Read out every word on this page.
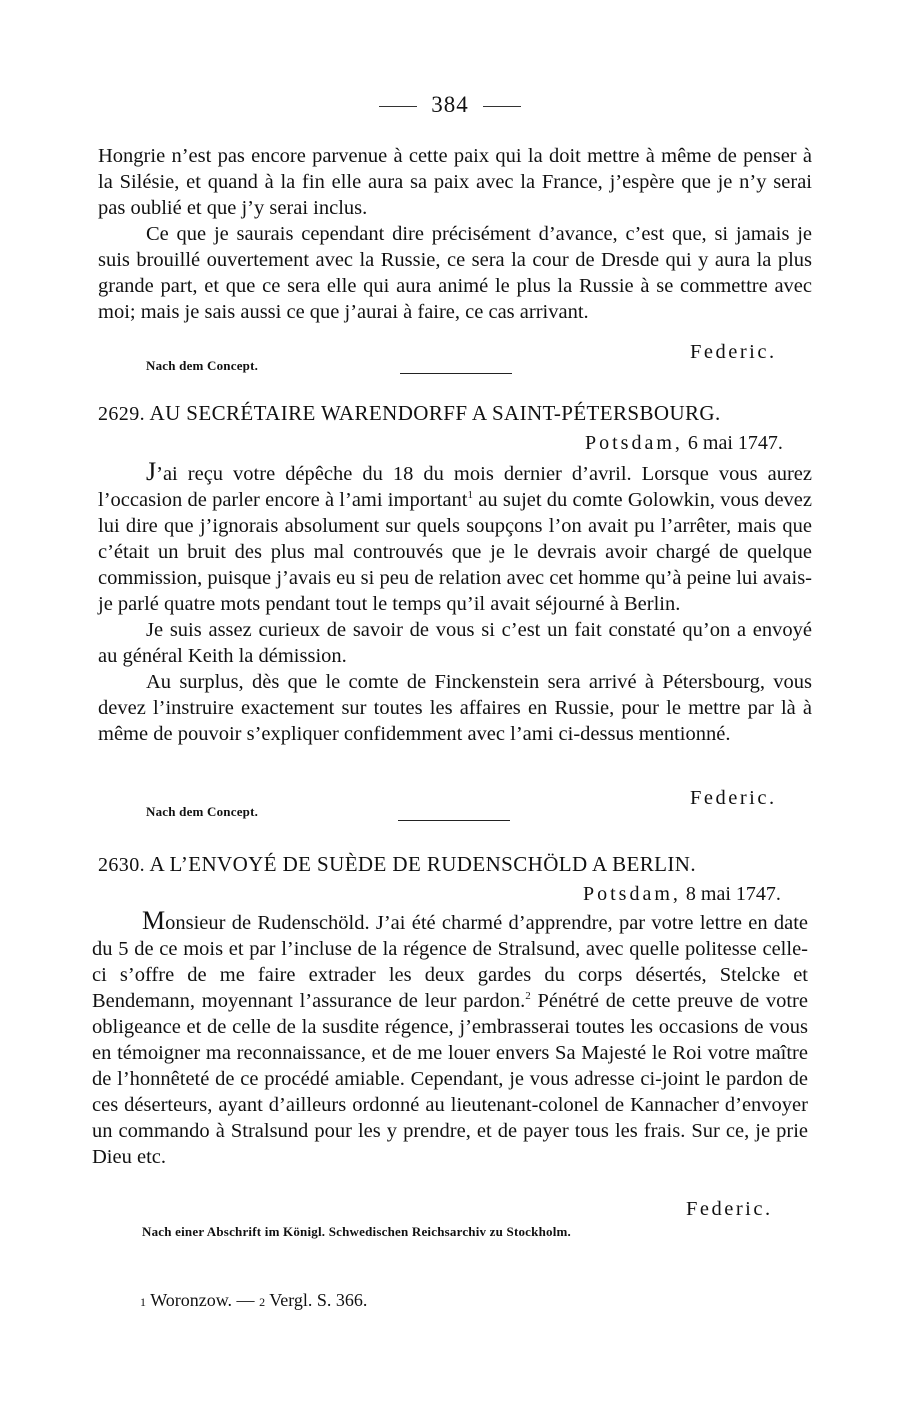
384

Hongrie n’est pas encore parvenue à cette paix qui la doit mettre à même de penser à la Silésie, et quand à la fin elle aura sa paix avec la France, j’espère que je n’y serai pas oublié et que j’y serai inclus.

Ce que je saurais cependant dire précisément d’avance, c’est que, si jamais je suis brouillé ouvertement avec la Russie, ce sera la cour de Dresde qui y aura la plus grande part, et que ce sera elle qui aura animé le plus la Russie à se commettre avec moi; mais je sais aussi ce que j’aurai à faire, ce cas arrivant.

Federic.
Nach dem Concept.
2629. AU SECRÉTAIRE WARENDORFF A SAINT-PÉTERSBOURG.
Potsdam, 6 mai 1747.

J’ai reçu votre dépêche du 18 du mois dernier d’avril. Lorsque vous aurez l’occasion de parler encore à l’ami important$^1$ au sujet du comte Golowkin, vous devez lui dire que j’ignorais absolument sur quels soupçons l’on avait pu l’arrêter, mais que c’était un bruit des plus mal controuvés que je le devrais avoir chargé de quelque commission, puisque j’avais eu si peu de relation avec cet homme qu’à peine lui avais-je parlé quatre mots pendant tout le temps qu’il avait séjourné à Berlin.

Je suis assez curieux de savoir de vous si c’est un fait constaté qu’on a envoyé au général Keith la démission.

Au surplus, dès que le comte de Finckenstein sera arrivé à Pétersbourg, vous devez l’instruire exactement sur toutes les affaires en Russie, pour le mettre par là à même de pouvoir s’expliquer confidemment avec l’ami ci-dessus mentionné.

Federic.
Nach dem Concept.
2630. A L’ENVOYÉ DE SUÈDE DE RUDENSCHÖLD A BERLIN.
Potsdam, 8 mai 1747.

Monsieur de Rudenschöld. J’ai été charmé d’apprendre, par votre lettre en date du 5 de ce mois et par l’incluse de la régence de Stralsund, avec quelle politesse celle-ci s’offre de me faire extrader les deux gardes du corps désertés, Stelcke et Bendemann, moyennant l’assurance de leur pardon.$^2$ Pénétré de cette preuve de votre obligeance et de celle de la susdite régence, j’embrasserai toutes les occasions de vous en témoigner ma reconnaissance, et de me louer envers Sa Majesté le Roi votre maître de l’honnêteté de ce procédé amiable. Cependant, je vous adresse ci-joint le pardon de ces déserteurs, ayant d’ailleurs ordonné au lieutenant-colonel de Kannacher d’envoyer un commando à Stralsund pour les y prendre, et de payer tous les frais. Sur ce, je prie Dieu etc.

Federic.
Nach einer Abschrift im Königl. Schwedischen Reichsarchiv zu Stockholm.
1 Woronzow. — 2 Vergl. S. 366.
